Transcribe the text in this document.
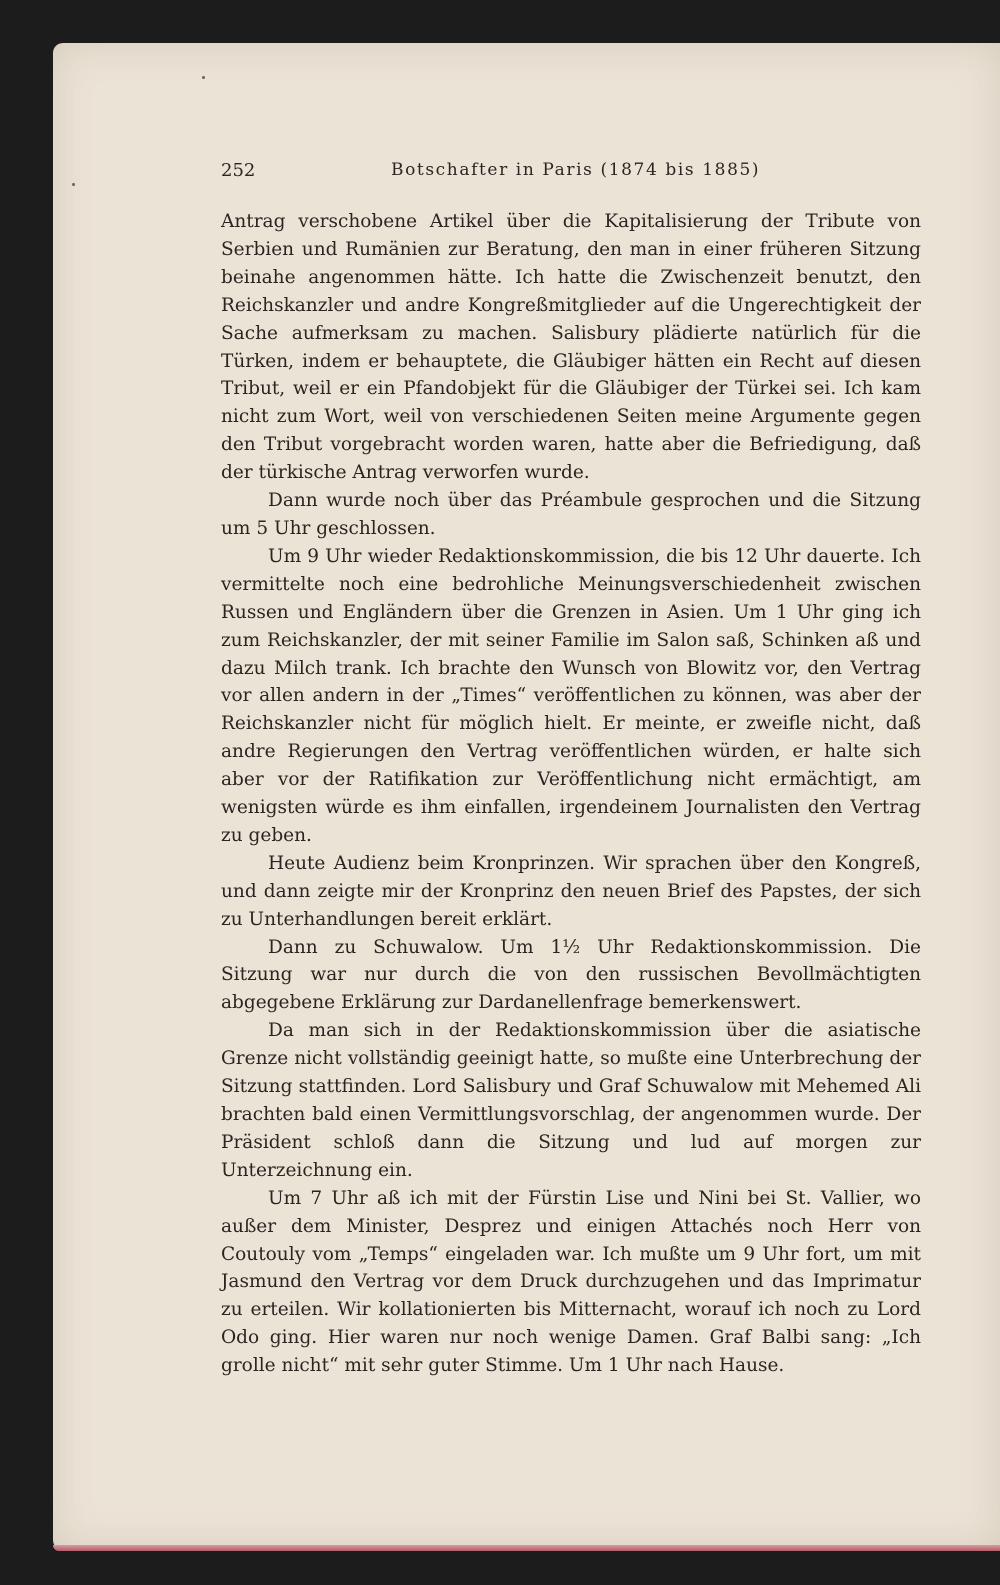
252	Botschafter in Paris (1874 bis 1885)

Antrag verschobene Artikel über die Kapitalisierung der Tribute von Serbien und Rumänien zur Beratung, den man in einer früheren Sitzung beinahe angenommen hätte. Ich hatte die Zwischenzeit benutzt, den Reichskanzler und andre Kongreßmitglieder auf die Ungerechtigkeit der Sache aufmerksam zu machen. Salisbury plädierte natürlich für die Türken, indem er behauptete, die Gläubiger hätten ein Recht auf diesen Tribut, weil er ein Pfandobjekt für die Gläubiger der Türkei sei. Ich kam nicht zum Wort, weil von verschiedenen Seiten meine Argumente gegen den Tribut vorgebracht worden waren, hatte aber die Befriedigung, daß der türkische Antrag verworfen wurde.

Dann wurde noch über das Préambule gesprochen und die Sitzung um 5 Uhr geschlossen.

Um 9 Uhr wieder Redaktionskommission, die bis 12 Uhr dauerte. Ich vermittelte noch eine bedrohliche Meinungsverschiedenheit zwischen Russen und Engländern über die Grenzen in Asien. Um 1 Uhr ging ich zum Reichskanzler, der mit seiner Familie im Salon saß, Schinken aß und dazu Milch trank. Ich brachte den Wunsch von Blowitz vor, den Vertrag vor allen andern in der „Times“ veröffentlichen zu können, was aber der Reichskanzler nicht für möglich hielt. Er meinte, er zweifle nicht, daß andre Regierungen den Vertrag veröffentlichen würden, er halte sich aber vor der Ratifikation zur Veröffentlichung nicht ermächtigt, am wenigsten würde es ihm einfallen, irgendeinem Journalisten den Vertrag zu geben.

Heute Audienz beim Kronprinzen. Wir sprachen über den Kongreß, und dann zeigte mir der Kronprinz den neuen Brief des Papstes, der sich zu Unterhandlungen bereit erklärt.

Dann zu Schuwalow. Um 1½ Uhr Redaktionskommission. Die Sitzung war nur durch die von den russischen Bevollmächtigten abgegebene Erklärung zur Dardanellenfrage bemerkenswert.

Da man sich in der Redaktionskommission über die asiatische Grenze nicht vollständig geeinigt hatte, so mußte eine Unterbrechung der Sitzung stattfinden. Lord Salisbury und Graf Schuwalow mit Mehemed Ali brachten bald einen Vermittlungsvorschlag, der angenommen wurde. Der Präsident schloß dann die Sitzung und lud auf morgen zur Unterzeichnung ein.

Um 7 Uhr aß ich mit der Fürstin Lise und Nini bei St. Vallier, wo außer dem Minister, Desprez und einigen Attachés noch Herr von Coutouly vom „Temps“ eingeladen war. Ich mußte um 9 Uhr fort, um mit Jasmund den Vertrag vor dem Druck durchzugehen und das Imprimatur zu erteilen. Wir kollationierten bis Mitternacht, worauf ich noch zu Lord Odo ging. Hier waren nur noch wenige Damen. Graf Balbi sang: „Ich grolle nicht“ mit sehr guter Stimme. Um 1 Uhr nach Hause.
